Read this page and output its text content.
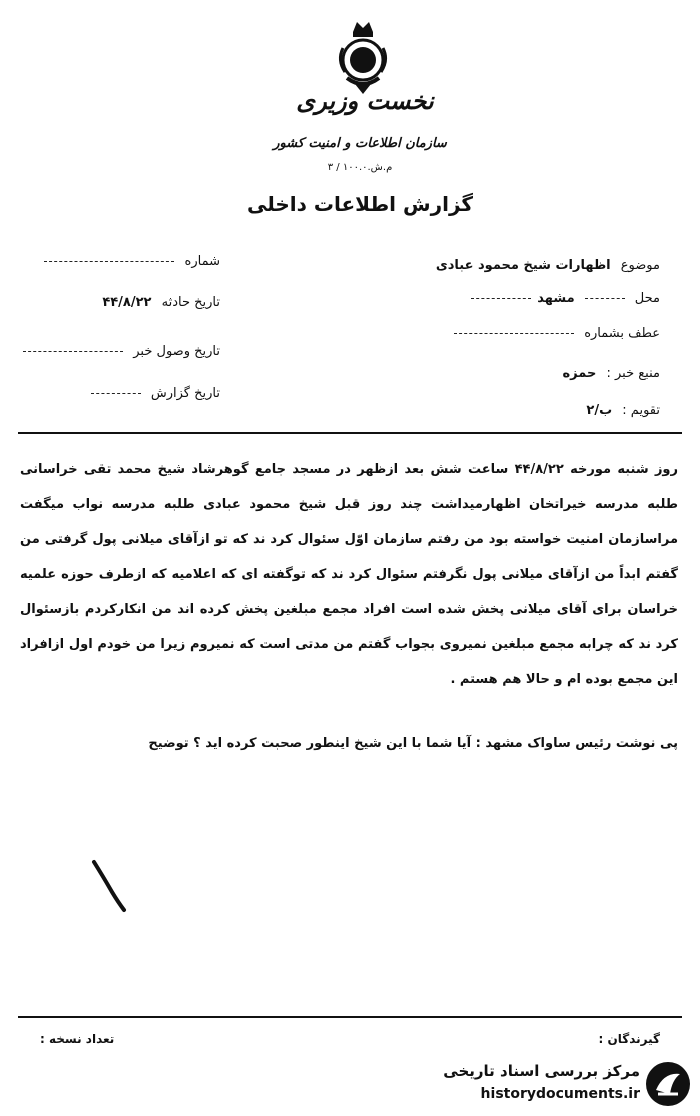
نخست وزیری
سازمان اطلاعات و امنیت کشور
م.ش.۱۰۰.۰ / ۳
گزارش اطلاعات داخلی
موضوع اظهارات شیخ محمود عبادی
محل مشهد
عطف بشماره
منبع خبر : حمزه
تقویم : ب/۲
شماره
تاریخ حادثه ۴۴/۸/۲۲
تاریخ وصول خبر
تاریخ گزارش
روز شنبه مورخه ۴۴/۸/۲۲ ساعت شش بعد ازظهر در مسجد جامع گوهرشاد شیخ محمد تقی خراسانی طلبه مدرسه خیراتخان اظهارمیداشت چند روز قبل شیخ محمود عبادی طلبه مدرسه نواب میگفت مراسازمان امنیت خواسته بود من رفتم سازمان اوّل سئوال کرد ند که تو ازآقای میلانی پول گرفتی من گفتم ابداً من ازآقای میلانی پول نگرفتم سئوال کرد ند که توگفته ای که اعلامیه که ازطرف حوزه علمیه خراسان برای آقای میلانی پخش شده است افراد مجمع مبلغین پخش کرده اند من انکارکردم بازسئوال کرد ند که چرابه مجمع مبلغین نمیروی بجواب گفتم من مدتی است که نمیروم زیرا من خودم اول ازافراد این مجمع بوده ام و حالا هم هستم .
پی نوشت رئیس ساواک مشهد : آیا شما با این شیخ اینطور صحبت کرده اید ؟ توضیح
گیرندگان :
تعداد نسخه :
مرکز بررسی اسناد تاریخی
historydocuments.ir
